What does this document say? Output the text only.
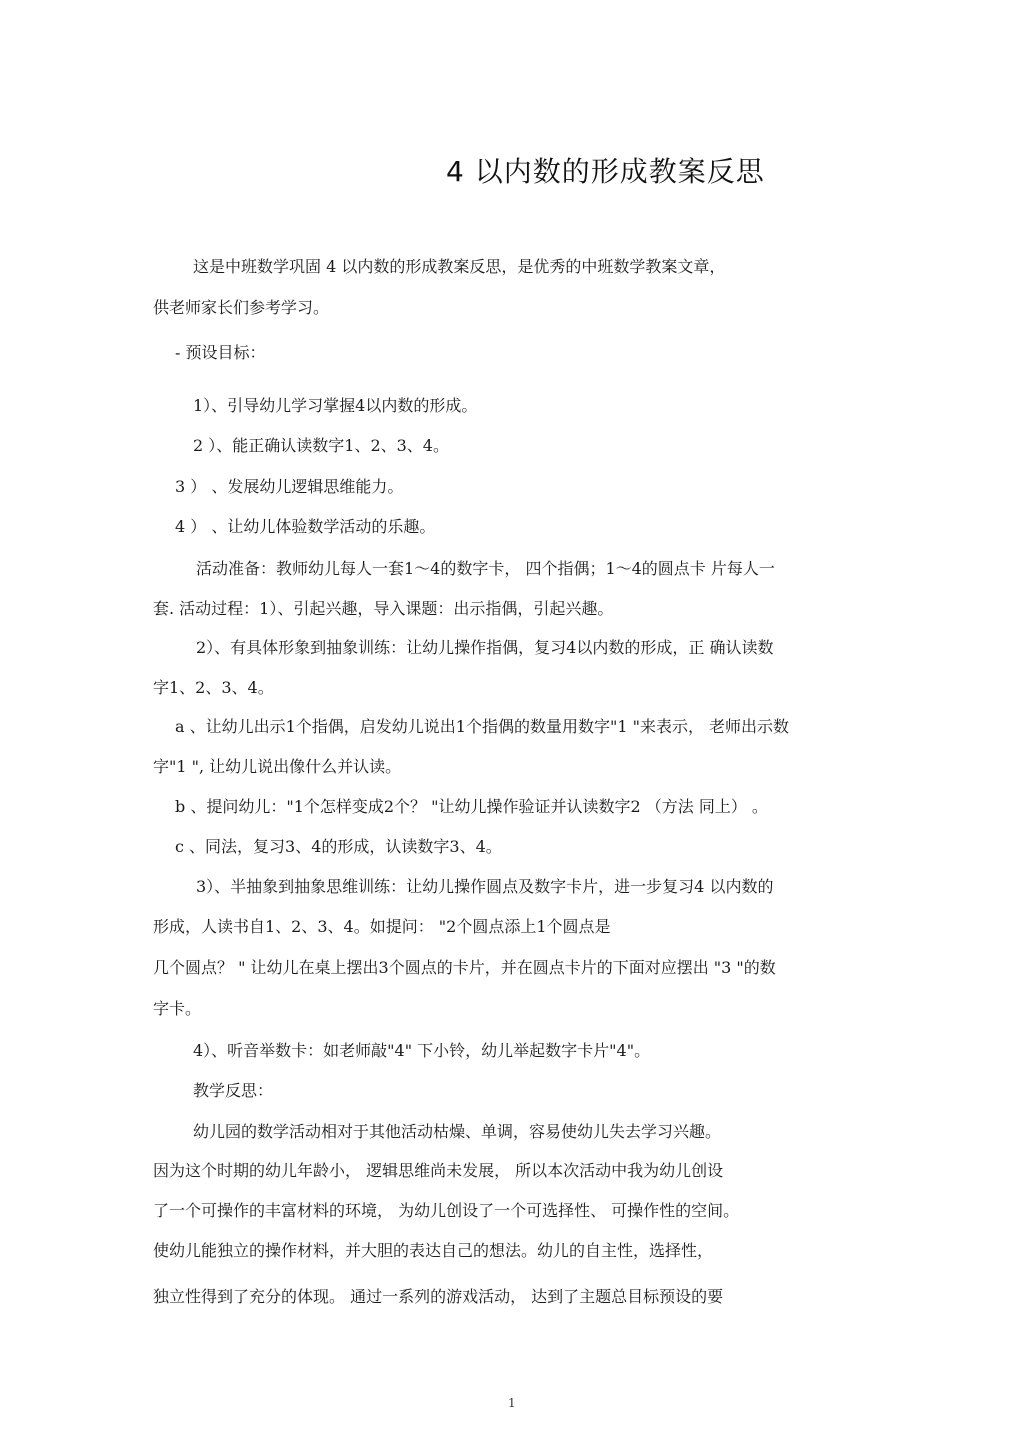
4 以内数的形成教案反思
这是中班数学巩固 4 以内数的形成教案反思，是优秀的中班数学教案文章，
供老师家长们参考学习。
- 预设目标：
1）、引导幼儿学习掌握4以内数的形成。
2 ）、能正确认读数字1、2、3、4。
3 ） 、发展幼儿逻辑思维能力。
4 ） 、让幼儿体验数学活动的乐趣。
活动准备：教师幼儿每人一套1～4的数字卡， 四个指偶；1～4的圆点卡 片每人一
套. 活动过程：1）、引起兴趣，导入课题：出示指偶，引起兴趣。
2）、有具体形象到抽象训练：让幼儿操作指偶，复习4以内数的形成，正 确认读数
字1、2、3、4。
a 、让幼儿出示1个指偶，启发幼儿说出1个指偶的数量用数字"1 "来表示， 老师出示数
字"1 ", 让幼儿说出像什么并认读。
b 、提问幼儿："1个怎样变成2个？ "让幼儿操作验证并认读数字2 （方法 同上） 。
c 、同法，复习3、4的形成，认读数字3、4。
3）、半抽象到抽象思维训练：让幼儿操作圆点及数字卡片，进一步复习4 以内数的
形成，人读书自1、2、3、4。如提问： "2个圆点添上1个圆点是
几个圆点？ " 让幼儿在桌上摆出3个圆点的卡片，并在圆点卡片的下面对应摆出 "3 "的数
字卡。
4）、听音举数卡：如老师敲"4" 下小铃，幼儿举起数字卡片"4"。
教学反思：
幼儿园的数学活动相对于其他活动枯燥、单调，容易使幼儿失去学习兴趣。
因为这个时期的幼儿年龄小， 逻辑思维尚未发展， 所以本次活动中我为幼儿创设
了一个可操作的丰富材料的环境， 为幼儿创设了一个可选择性、 可操作性的空间。
使幼儿能独立的操作材料，并大胆的表达自己的想法。幼儿的自主性，选择性，
独立性得到了充分的体现。 通过一系列的游戏活动， 达到了主题总目标预设的要
1
